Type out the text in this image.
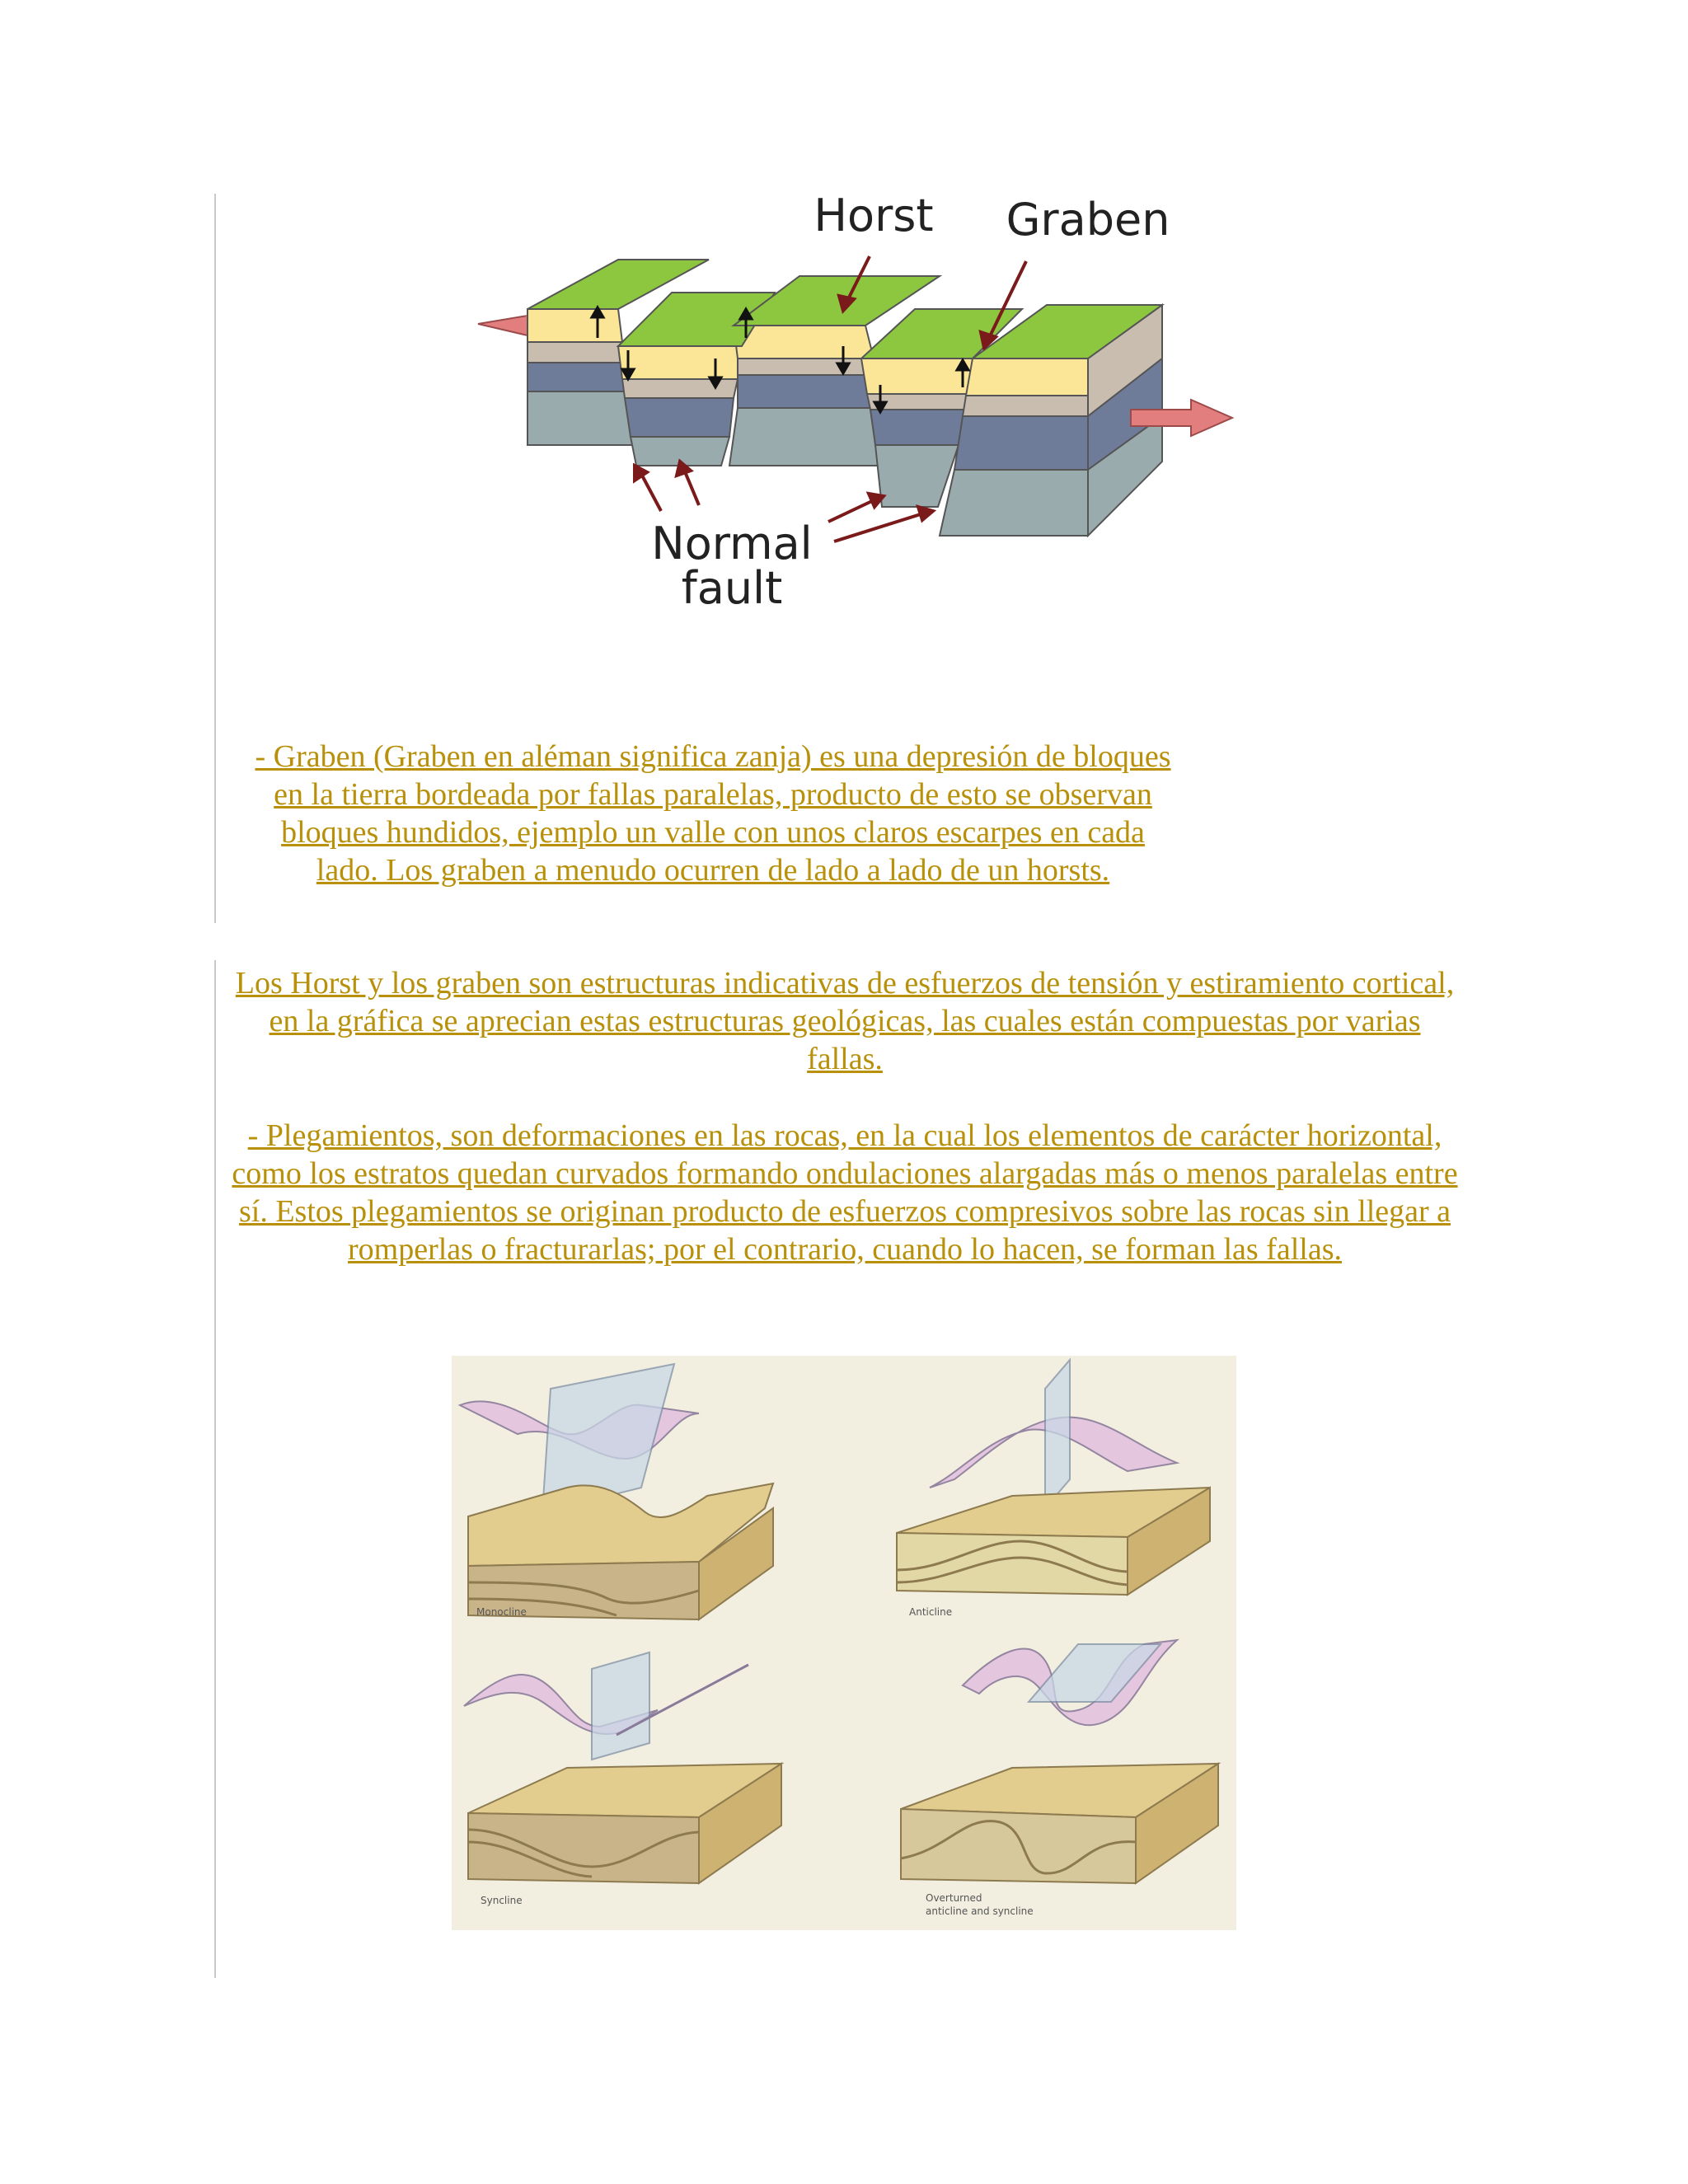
Horst Graben
Normal
fault

- Graben (Graben en aléman significa zanja) es una depresión de bloques en la tierra bordeada por fallas paralelas, producto de esto se observan bloques hundidos, ejemplo un valle con unos claros escarpes en cada lado. Los graben a menudo ocurren de lado a lado de un horsts.

Los Horst y los graben son estructuras indicativas de esfuerzos de tensión y estiramiento cortical, en la gráfica se aprecian estas estructuras geológicas, las cuales están compuestas por varias fallas.

- Plegamientos, son deformaciones en las rocas, en la cual los elementos de carácter horizontal, como los estratos quedan curvados formando ondulaciones alargadas más o menos paralelas entre sí. Estos plegamientos se originan producto de esfuerzos compresivos sobre las rocas sin llegar a romperlas o fracturarlas; por el contrario, cuando lo hacen, se forman las fallas.

Monocline	Anticline
Syncline	Overturned
anticline and syncline
